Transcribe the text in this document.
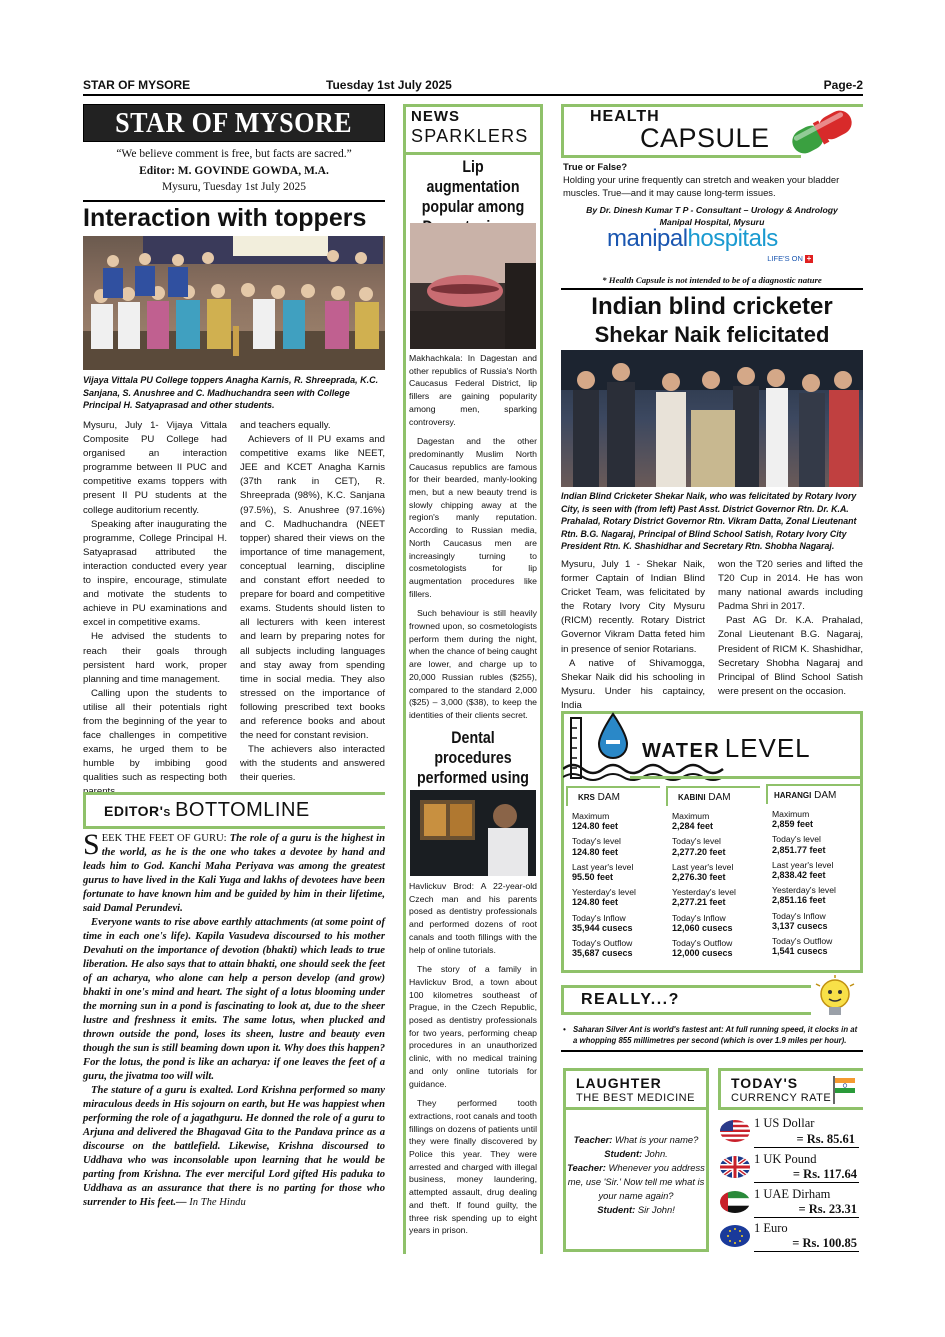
STAR OF MYSORE	Tuesday 1st July 2025	Page-2
STAR OF MYSORE
“We believe comment is free, but facts are sacred.”
Editor: M. GOVINDE GOWDA, M.A.
Mysuru, Tuesday 1st July 2025
Interaction with toppers
Vijaya Vittala PU College toppers Anagha Karnis, R. Shreeprada, K.C. Sanjana, S. Anushree and C. Madhuchandra seen with College Principal H. Satyaprasad and other students.

Mysuru, July 1- Vijaya Vittala Composite PU College had organised an interaction programme between II PUC and competitive exams toppers with present II PU students at the college auditorium recently.

Speaking after inaugurating the programme, College Principal H. Satyaprasad attributed the interaction conducted every year to inspire, encourage, stimulate and motivate the students to achieve in PU examinations and excel in competitive exams.

He advised the students to reach their goals through persistent hard work, proper planning and time management.

Calling upon the students to utilise all their potentials right from the beginning of the year to face challenges in competitive exams, he urged them to be humble by imbibing good qualities such as respecting both parents

and teachers equally.

Achievers of II PU exams and competitive exams like NEET, JEE and KCET Anagha Karnis (37th rank in CET), R. Shreeprada (98%), K.C. Sanjana (97.5%), S. Anushree (97.16%) and C. Madhuchandra (NEET topper) shared their views on the importance of time management, conceptual learning, discipline and constant effort needed to prepare for board and competitive exams. Students should listen to all lecturers with keen interest and learn by preparing notes for all subjects including languages and stay away from spending time in social media. They also stressed on the importance of following prescribed text books and reference books and about the need for constant revision.

The achievers also interacted with the students and answered their queries.

EDITOR's BOTTOMLINE

SEEK THE FEET OF GURU: The role of a guru is the highest in the world, as he is the one who takes a devotee by hand and leads him to God. Kanchi Maha Periyava was among the greatest gurus to have lived in the Kali Yuga and lakhs of devotees have been fortunate to have known him and be guided by him in their lifetime, said Damal Perundevi.

Everyone wants to rise above earthly attachments (at some point of time in each one's life). Kapila Vasudeva discoursed to his mother Devahuti on the importance of devotion (bhakti) which leads to true liberation. He also says that to attain bhakti, one should seek the feet of an acharya, who alone can help a person develop (and grow) bhakti in one's mind and heart. The sight of a lotus blooming under the morning sun in a pond is fascinating to look at, due to the sheer lustre and freshness it emits. The same lotus, when plucked and thrown outside the pond, loses its sheen, lustre and beauty even though the sun is still beaming down upon it. Why does this happen? For the lotus, the pond is like an acharya: if one leaves the feet of a guru, the jivatma too will wilt.

The stature of a guru is exalted. Lord Krishna performed so many miraculous deeds in His sojourn on earth, but He was happiest when performing the role of a jagathguru. He donned the role of a guru to Arjuna and delivered the Bhagavad Gita to the Pandava prince as a discourse on the battlefield. Likewise, Krishna discoursed to Uddhava who was inconsolable upon learning that he would be parting from Krishna. The ever merciful Lord gifted His paduka to Uddhava as an assurance that there is no parting for those who surrender to His feet.— In The Hindu

NEWS
SPARKLERS
Lip augmentation popular among

Makhachkala: In Dagestan and other republics of Russia's North Caucasus Federal District, lip fillers are gaining popularity among men, sparking controversy.

Dagestan and the other predominantly Muslim North Caucasus republics are famous for their bearded, manly-looking men, but a new beauty trend is slowly chipping away at the region's manly reputation. According to Russian media, North Caucasus men are increasingly turning to cosmetologists for lip augmentation procedures like fillers.

Such behaviour is still heavily frowned upon, so cosmetologists perform them during the night, when the chance of being caught are lower, and charge up to 20,000 Russian rubles ($255), compared to the standard 2,000 ($25) – 3,000 ($38), to keep the identities of their clients secret.

Dental procedures performed using

Havlickuv Brod: A 22-year-old Czech man and his parents posed as dentistry professionals and performed dozens of root canals and tooth fillings with the help of online tutorials.

The story of a family in Havlickuv Brod, a town about 100 kilometres southeast of Prague, in the Czech Republic, posed as dentistry professionals for two years, performing cheap procedures in an unauthorized clinic, with no medical training and only online tutorials for guidance.

They performed tooth extractions, root canals and tooth fillings on dozens of patients until they were finally discovered by Police this year. They were arrested and charged with illegal business, money laundering, attempted assault, drug dealing and theft. If found guilty, the three risk spending up to eight years in prison.

HEALTH
CAPSULE
True or False?
Holding your urine frequently can stretch and weaken your bladder muscles. True—and it may cause long-term issues.
By Dr. Dinesh Kumar T P - Consultant – Urology & Andrology
Manipal Hospital, Mysuru
manipalhospitals
LIFE'S ON +
* Health Capsule is not intended to be of a diagnostic nature
Indian blind cricketer
Shekar Naik felicitated
Indian Blind Cricketer Shekar Naik, who was felicitated by Rotary Ivory City, is seen with (from left) Past Asst. District Governor Rtn. Dr. K.A. Prahalad, Rotary District Governor Rtn. Vikram Datta, Zonal Lieutenant Rtn. B.G. Nagaraj, Principal of Blind School Satish, Rotary Ivory City President Rtn. K. Shashidhar and Secretary Rtn. Shobha Nagaraj.

Mysuru, July 1 - Shekar Naik, former Captain of Indian Blind Cricket Team, was felicitated by the Rotary Ivory City Mysuru (RICM) recently. Rotary District Governor Vikram Datta feted him in presence of senior Rotarians.

A native of Shivamogga, Shekar Naik did his schooling in Mysuru. Under his captaincy, India

won the T20 series and lifted the T20 Cup in 2014. He has won many national awards including Padma Shri in 2017.

Past AG Dr. K.A. Prahalad, Zonal Lieutenant B.G. Nagaraj, President of RICM K. Shashidhar, Secretary Shobha Nagaraj and Principal of Blind School Satish were present on the occasion.

WATER LEVEL
KRS DAM
Maximum
124.80 feet
Today's level
124.80 feet
Last year's level
95.50 feet
Yesterday's level
124.80 feet
Today's Inflow
35,944 cusecs
Today's Outflow
35,687 cusecs
KABINI DAM
Maximum
2,284 feet
Today's level
2,277.20 feet
Last year's level
2,276.30 feet
Yesterday's level
2,277.21 feet
Today's Inflow
12,060 cusecs
Today's Outflow
12,000 cusecs
HARANGI DAM
Maximum
2,859 feet
Today's level
2,851.77 feet
Last year's level
2,838.42 feet
Yesterday's level
2,851.16 feet
Today's Inflow
3,137 cusecs
Today's Outflow
1,541 cusecs
REALLY...?
• Saharan Silver Ant is world's fastest ant: At full running speed, it clocks in at a whopping 855 millimetres per second (which is over 1.9 miles per hour).
LAUGHTER
THE BEST MEDICINE
Teacher: What is your name?
Student: John.
Teacher: Whenever you address me, use 'Sir.' Now tell me what is your name again?
Student: Sir John!
TODAY'S
CURRENCY RATE
1 US Dollar
= Rs. 85.61
1 UK Pound
= Rs. 117.64
1 UAE Dirham
= Rs. 23.31
1 Euro
= Rs. 100.85
